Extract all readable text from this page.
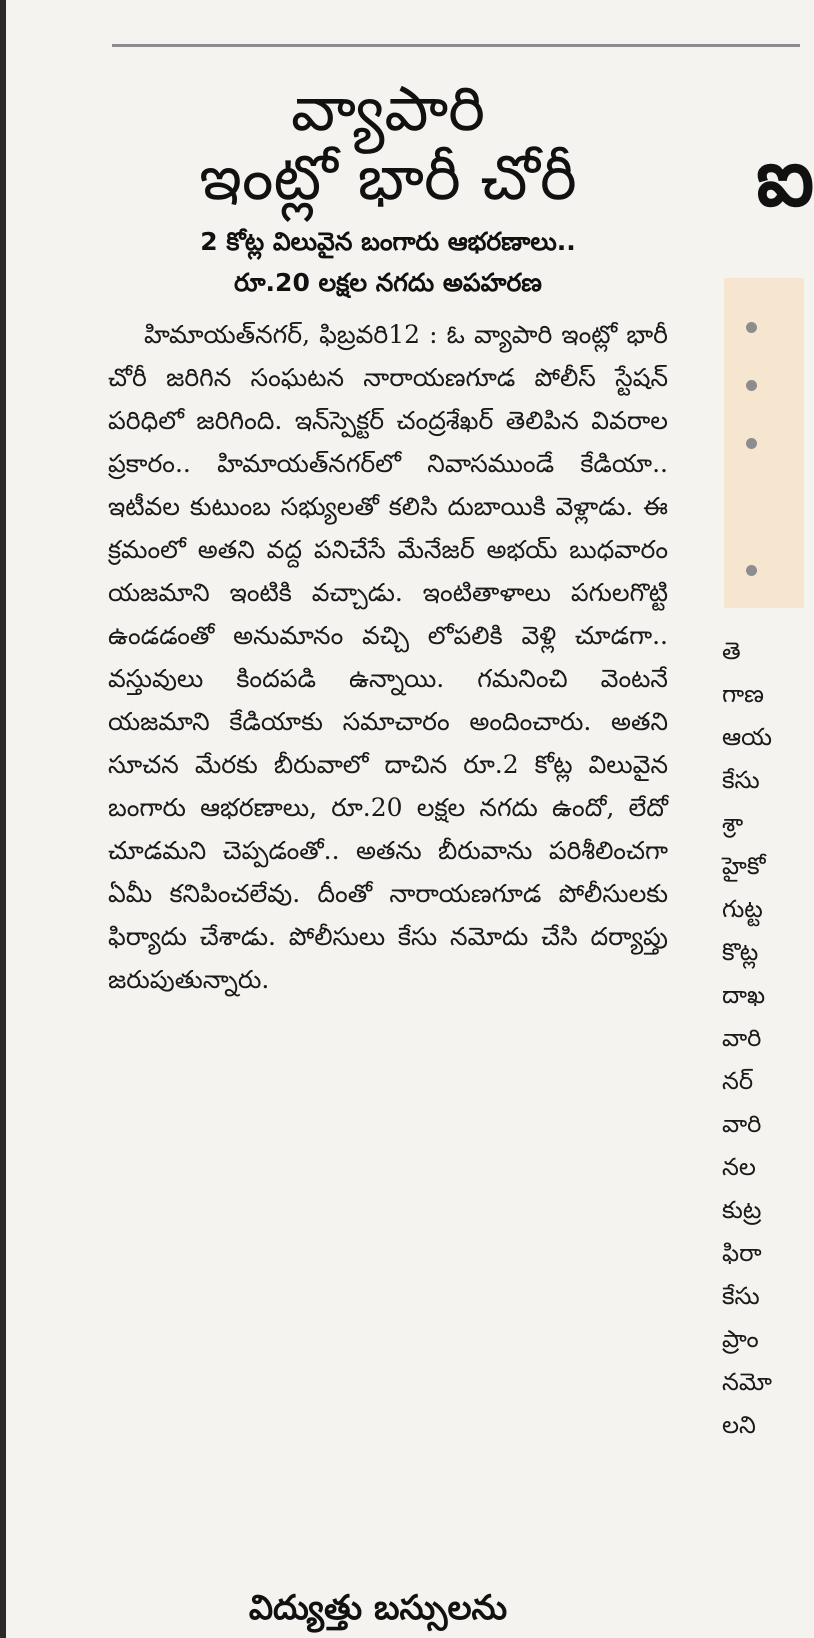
వ్యాపారి
ఇంట్లో భారీ చోరీ
2 కోట్ల విలువైన బంగారు ఆభరణాలు..
రూ.20 లక్షల నగదు అపహరణ

హిమాయత్‌నగర్, ఫిబ్రవరి12 : ఓ వ్యాపారి ఇంట్లో భారీ చోరీ జరిగిన సంఘటన నారాయణగూడ పోలీస్ స్టేషన్ పరిధిలో జరిగింది. ఇన్‌స్పెక్టర్ చంద్రశేఖర్ తెలిపిన వివరాల ప్రకారం.. హిమాయత్‌నగర్‌లో నివాసముండే కేడియా.. ఇటీవల కుటుంబ సభ్యులతో కలిసి దుబాయికి వెళ్లాడు. ఈ క్రమంలో అతని వద్ద పనిచేసే మేనేజర్ అభయ్ బుధవారం యజమాని ఇంటికి వచ్చాడు. ఇంటితాళాలు పగులగొట్టి ఉండడంతో అనుమానం వచ్చి లోపలికి వెళ్లి చూడగా.. వస్తువులు కిందపడి ఉన్నాయి. గమనించి వెంటనే యజమాని కేడియాకు సమాచారం అందించారు. అతని సూచన మేరకు బీరువాలో దాచిన రూ.2 కోట్ల విలువైన బంగారు ఆభరణాలు, రూ.20 లక్షల నగదు ఉందో, లేదో చూడమని చెప్పడంతో.. అతను బీరువాను పరిశీలించగా ఏమీ కనిపించలేవు. దీంతో నారాయణగూడ పోలీసులకు ఫిర్యాదు చేశాడు. పోలీసులు కేసు నమోదు చేసి దర్యాప్తు జరుపుతున్నారు.

విద్యుత్తు బస్సులను
ఐ
తె
గాణ
ఆయ
కేసు
శ్రా
హైకో
గుట్ట
కొట్ల
దాఖ
వారి
నర్
వారి
నల
కుట్ర
ఫిరా
కేసు
ప్రాం
నమో
లని
